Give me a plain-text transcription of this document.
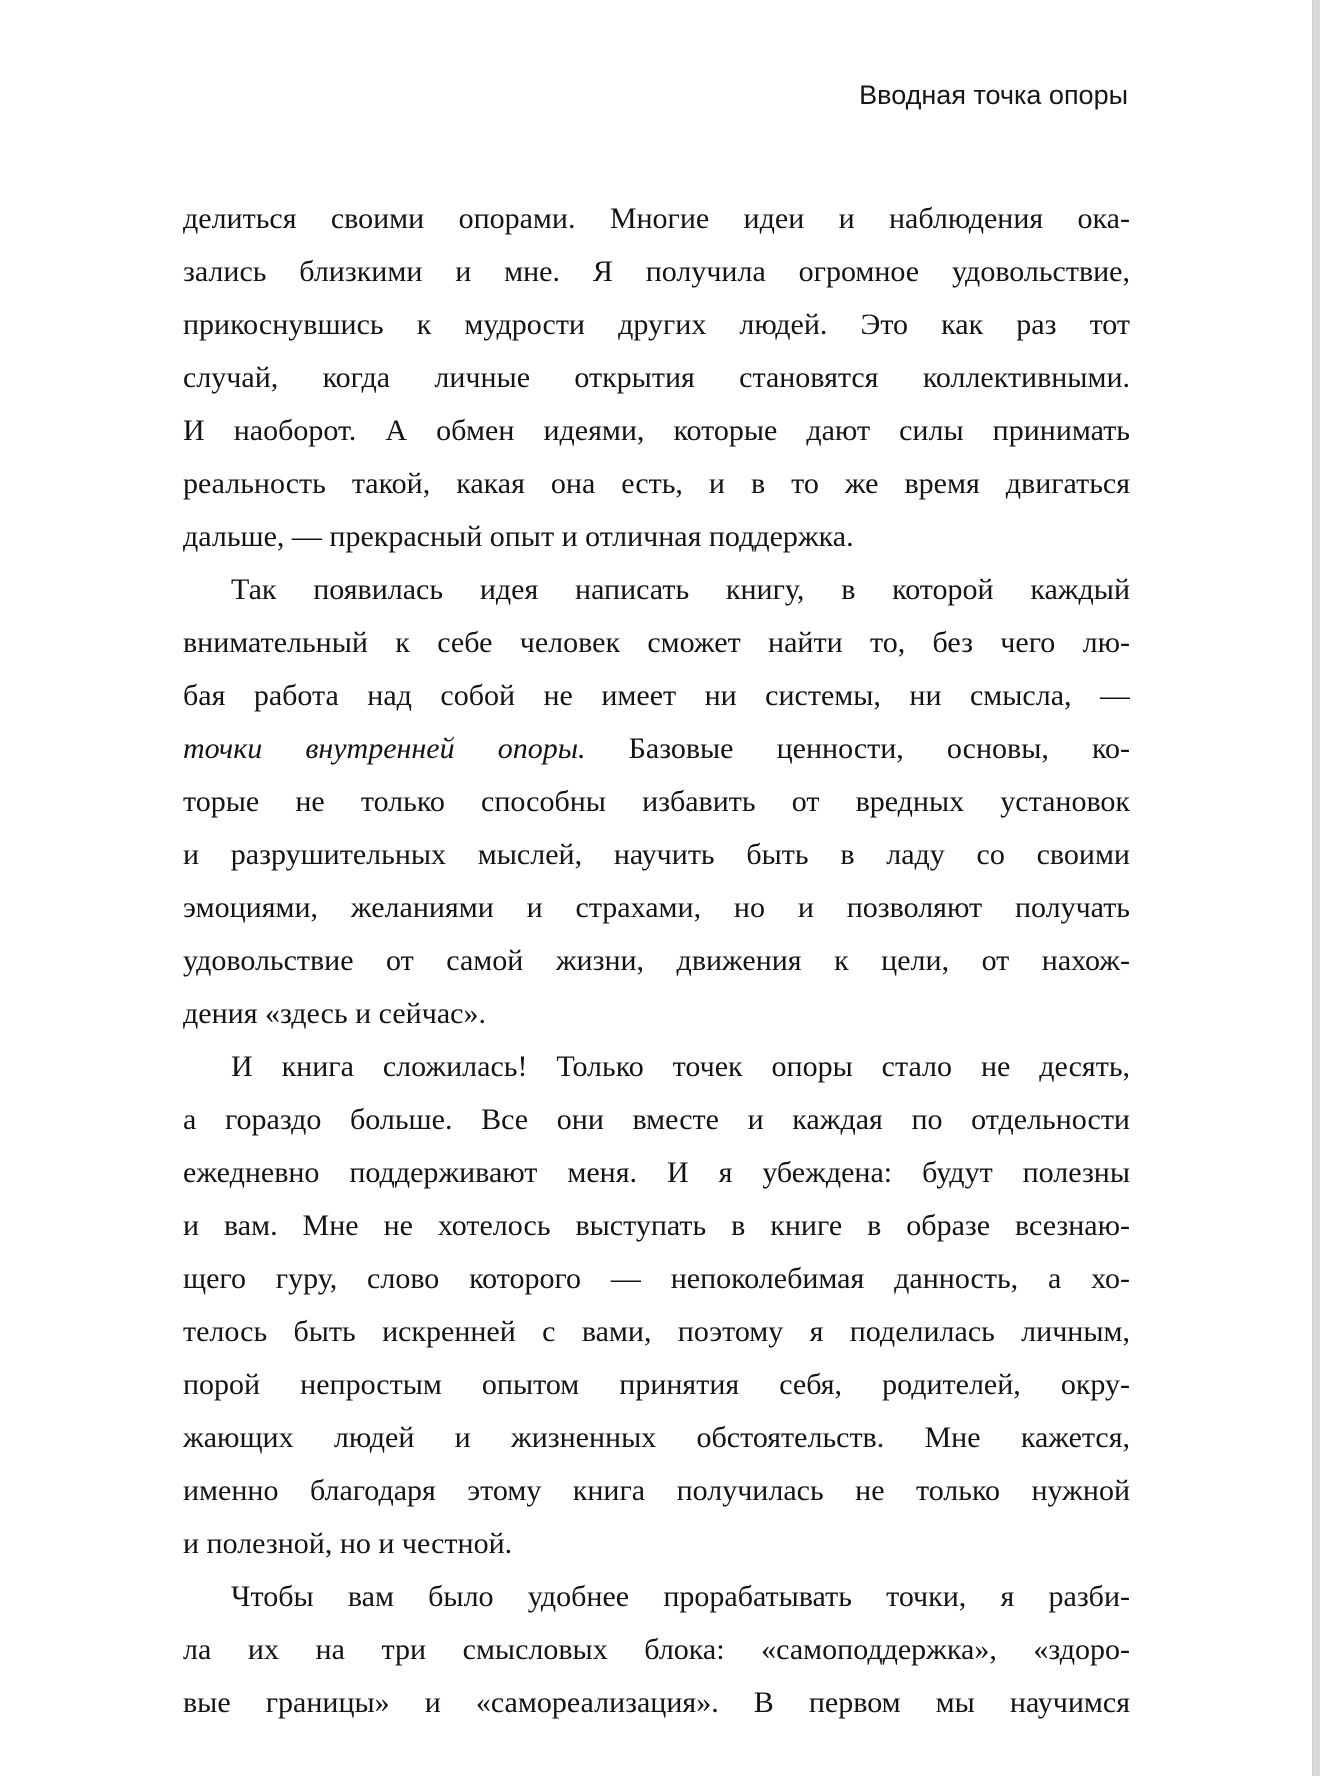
Вводная точка опоры
делиться своими опорами. Многие идеи и наблюдения ока-
зались близкими и мне. Я получила огромное удовольствие,
прикоснувшись к мудрости других людей. Это как раз тот
случай, когда личные открытия становятся коллективными.
И наоборот. А обмен идеями, которые дают силы принимать
реальность такой, какая она есть, и в то же время двигаться
дальше, — прекрасный опыт и отличная поддержка.
Так появилась идея написать книгу, в которой каждый
внимательный к себе человек сможет найти то, без чего лю-
бая работа над собой не имеет ни системы, ни смысла, —
точки внутренней опоры. Базовые ценности, основы, ко-
торые не только способны избавить от вредных установок
и разрушительных мыслей, научить быть в ладу со своими
эмоциями, желаниями и страхами, но и позволяют получать
удовольствие от самой жизни, движения к цели, от нахож-
дения «здесь и сейчас».
И книга сложилась! Только точек опоры стало не десять,
а гораздо больше. Все они вместе и каждая по отдельности
ежедневно поддерживают меня. И я убеждена: будут полезны
и вам. Мне не хотелось выступать в книге в образе всезнаю-
щего гуру, слово которого — непоколебимая данность, а хо-
телось быть искренней с вами, поэтому я поделилась личным,
порой непростым опытом принятия себя, родителей, окру-
жающих людей и жизненных обстоятельств. Мне кажется,
именно благодаря этому книга получилась не только нужной
и полезной, но и честной.
Чтобы вам было удобнее прорабатывать точки, я разби-
ла их на три смысловых блока: «самоподдержка», «здоро-
вые границы» и «самореализация». В первом мы научимся
